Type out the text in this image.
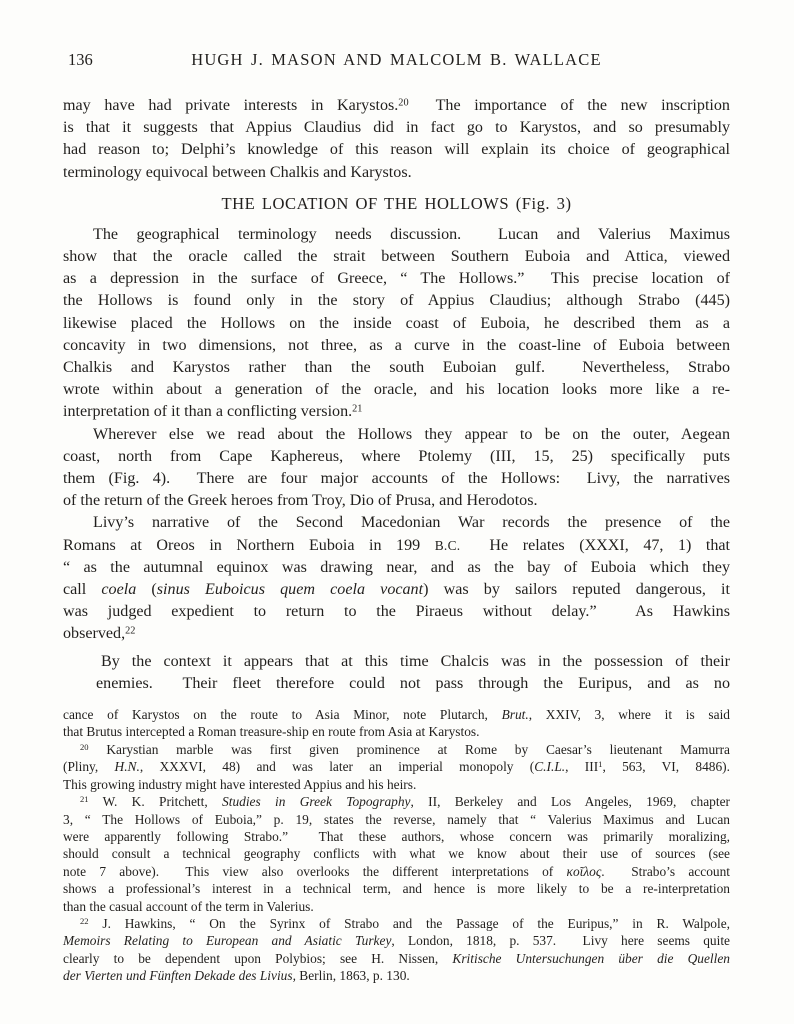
136	HUGH J. MASON AND MALCOLM B. WALLACE
may have had private interests in Karystos.$^{20}$  The importance of the new inscription
is that it suggests that Appius Claudius did in fact go to Karystos, and so presumably
had reason to; Delphi’s knowledge of this reason will explain its choice of geographical
terminology equivocal between Chalkis and Karystos.
THE LOCATION OF THE HOLLOWS (Fig. 3)
The geographical terminology needs discussion.  Lucan and Valerius Maximus
show that the oracle called the strait between Southern Euboia and Attica, viewed
as a depression in the surface of Greece, “ The Hollows.”  This precise location of
the Hollows is found only in the story of Appius Claudius; although Strabo (445)
likewise placed the Hollows on the inside coast of Euboia, he described them as a
concavity in two dimensions, not three, as a curve in the coast-line of Euboia between
Chalkis and Karystos rather than the south Euboian gulf.  Nevertheless, Strabo
wrote within about a generation of the oracle, and his location looks more like a re-
interpretation of it than a conflicting version.$^{21}$
Wherever else we read about the Hollows they appear to be on the outer, Aegean
coast, north from Cape Kaphereus, where Ptolemy (III, 15, 25) specifically puts
them (Fig. 4).  There are four major accounts of the Hollows:  Livy, the narratives
of the return of the Greek heroes from Troy, Dio of Prusa, and Herodotos.
Livy’s narrative of the Second Macedonian War records the presence of the
Romans at Oreos in Northern Euboia in 199 B.C.  He relates (XXXI, 47, 1) that
“ as the autumnal equinox was drawing near, and as the bay of Euboia which they
call coela (sinus Euboicus quem coela vocant) was by sailors reputed dangerous, it
was judged expedient to return to the Piraeus without delay.”  As Hawkins
observed,$^{22}$
By the context it appears that at this time Chalcis was in the possession of their
enemies.  Their fleet therefore could not pass through the Euripus, and as no
cance of Karystos on the route to Asia Minor, note Plutarch, Brut., XXIV, 3, where it is said
that Brutus intercepted a Roman treasure-ship en route from Asia at Karystos.
$^{20}$ Karystian marble was first given prominence at Rome by Caesar’s lieutenant Mamurra
(Pliny, H.N., XXXVI, 48) and was later an imperial monopoly (C.I.L., III$^1$, 563, VI, 8486).
This growing industry might have interested Appius and his heirs.
$^{21}$ W. K. Pritchett, Studies in Greek Topography, II, Berkeley and Los Angeles, 1969, chapter
3, “ The Hollows of Euboia,” p. 19, states the reverse, namely that “ Valerius Maximus and Lucan
were apparently following Strabo.”  That these authors, whose concern was primarily moralizing,
should consult a technical geography conflicts with what we know about their use of sources (see
note 7 above).  This view also overlooks the different interpretations of κοῖλος.  Strabo’s account
shows a professional’s interest in a technical term, and hence is more likely to be a re-interpretation
than the casual account of the term in Valerius.
$^{22}$ J. Hawkins, “ On the Syrinx of Strabo and the Passage of the Euripus,” in R. Walpole,
Memoirs Relating to European and Asiatic Turkey, London, 1818, p. 537.  Livy here seems quite
clearly to be dependent upon Polybios; see H. Nissen, Kritische Untersuchungen über die Quellen
der Vierten und Fünften Dekade des Livius, Berlin, 1863, p. 130.
